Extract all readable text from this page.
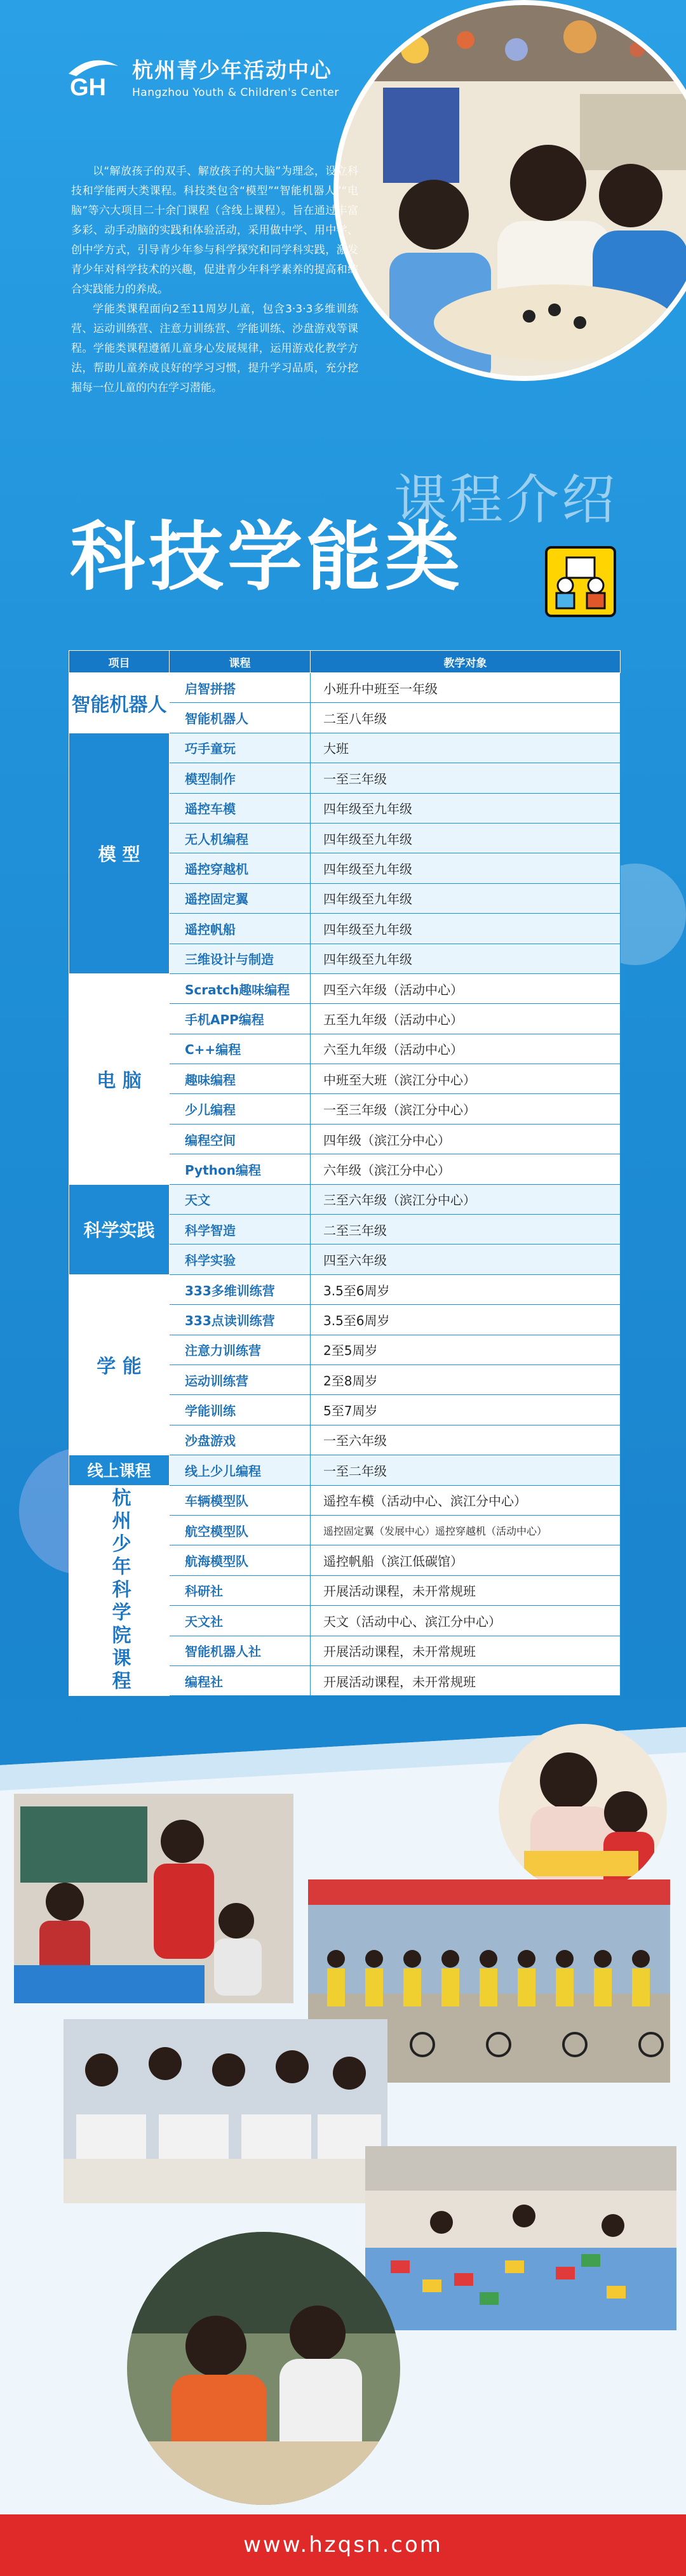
GH
杭州青少年活动中心
Hangzhou Youth & Children's Center

以“解放孩子的双手、解放孩子的大脑”为理念，设立科技和学能两大类课程。科技类包含“模型”“智能机器人”“电脑”等六大项目二十余门课程（含线上课程）。旨在通过丰富多彩、动手动脑的实践和体验活动，采用做中学、用中学、创中学方式，引导青少年参与科学探究和同学科实践，激发青少年对科学技术的兴趣，促进青少年科学素养的提高和综合实践能力的养成。

学能类课程面向2至11周岁儿童，包含3·3·3多维训练营、运动训练营、注意力训练营、学能训练、沙盘游戏等课程。学能类课程遵循儿童身心发展规律，运用游戏化教学方法，帮助儿童养成良好的学习习惯，提升学习品质，充分挖掘每一位儿童的内在学习潜能。

课程介绍
科技学能类
项目	课程	教学对象
智能机器人	启智拼搭	小班升中班至一年级
	智能机器人	二至八年级
模 型	巧手童玩	大班
	模型制作	一至三年级
	遥控车模	四年级至九年级
	无人机编程	四年级至九年级
	遥控穿越机	四年级至九年级
	遥控固定翼	四年级至九年级
	遥控帆船	四年级至九年级
	三维设计与制造	四年级至九年级
电 脑	Scratch趣味编程	四至六年级（活动中心）
	手机APP编程	五至九年级（活动中心）
	C++编程	六至九年级（活动中心）
	趣味编程	中班至大班（滨江分中心）
	少儿编程	一至三年级（滨江分中心）
	编程空间	四年级（滨江分中心）
	Python编程	六年级（滨江分中心）
科学实践	天文	三至六年级（滨江分中心）
	科学智造	二至三年级
	科学实验	四至六年级
学 能	333多维训练营	3.5至6周岁
	333点读训练营	3.5至6周岁
	注意力训练营	2至5周岁
	运动训练营	2至8周岁
	学能训练	5至7周岁
	沙盘游戏	一至六年级
线上课程	线上少儿编程	一至二年级
杭州少年科学院课程	车辆模型队	遥控车模（活动中心、滨江分中心）
	航空模型队	遥控固定翼（发展中心）遥控穿越机（活动中心）
	航海模型队	遥控帆船（滨江低碳馆）
	科研社	开展活动课程，未开常规班
	天文社	天文（活动中心、滨江分中心）
	智能机器人社	开展活动课程，未开常规班
	编程社	开展活动课程，未开常规班
www.hzqsn.com
